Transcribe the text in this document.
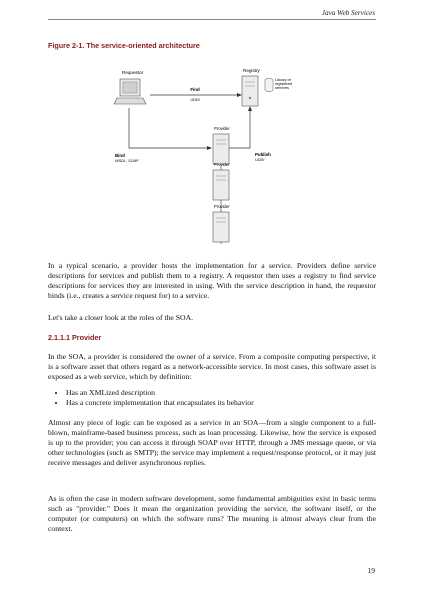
Java Web Services
Figure 2-1. The service-oriented architecture
Requestor	Registry
Library of
registered
services
Find
UDDI
Bind
WSDL, SOAP
Publish
UDDI
Provider
Provider
Provider
In a typical scenario, a provider hosts the implementation for a service. Providers define service descriptions for services and publish them to a registry. A requestor then uses a registry to find service descriptions for services they are interested in using. With the service description in hand, the requestor binds (i.e., creates a service request for) to a service.
Let's take a closer look at the roles of the SOA.
2.1.1.1 Provider
In the SOA, a provider is considered the owner of a service. From a composite computing perspective, it is a software asset that others regard as a network-accessible service. In most cases, this software asset is exposed as a web service, which by definition:
• Has an XMLized description
• Has a concrete implementation that encapsulates its behavior
Almost any piece of logic can be exposed as a service in an SOA—from a single component to a full-blown, mainframe-based business process, such as loan processing. Likewise, how the service is exposed is up to the provider; you can access it through SOAP over HTTP, through a JMS message queue, or via other technologies (such as SMTP); the service may implement a request/response protocol, or it may just receive messages and deliver asynchronous replies.
As is often the case in modern software development, some fundamental ambiguities exist in basic terms such as "provider." Does it mean the organization providing the service, the software itself, or the computer (or computers) on which the software runs? The meaning is almost always clear from the context.
19
